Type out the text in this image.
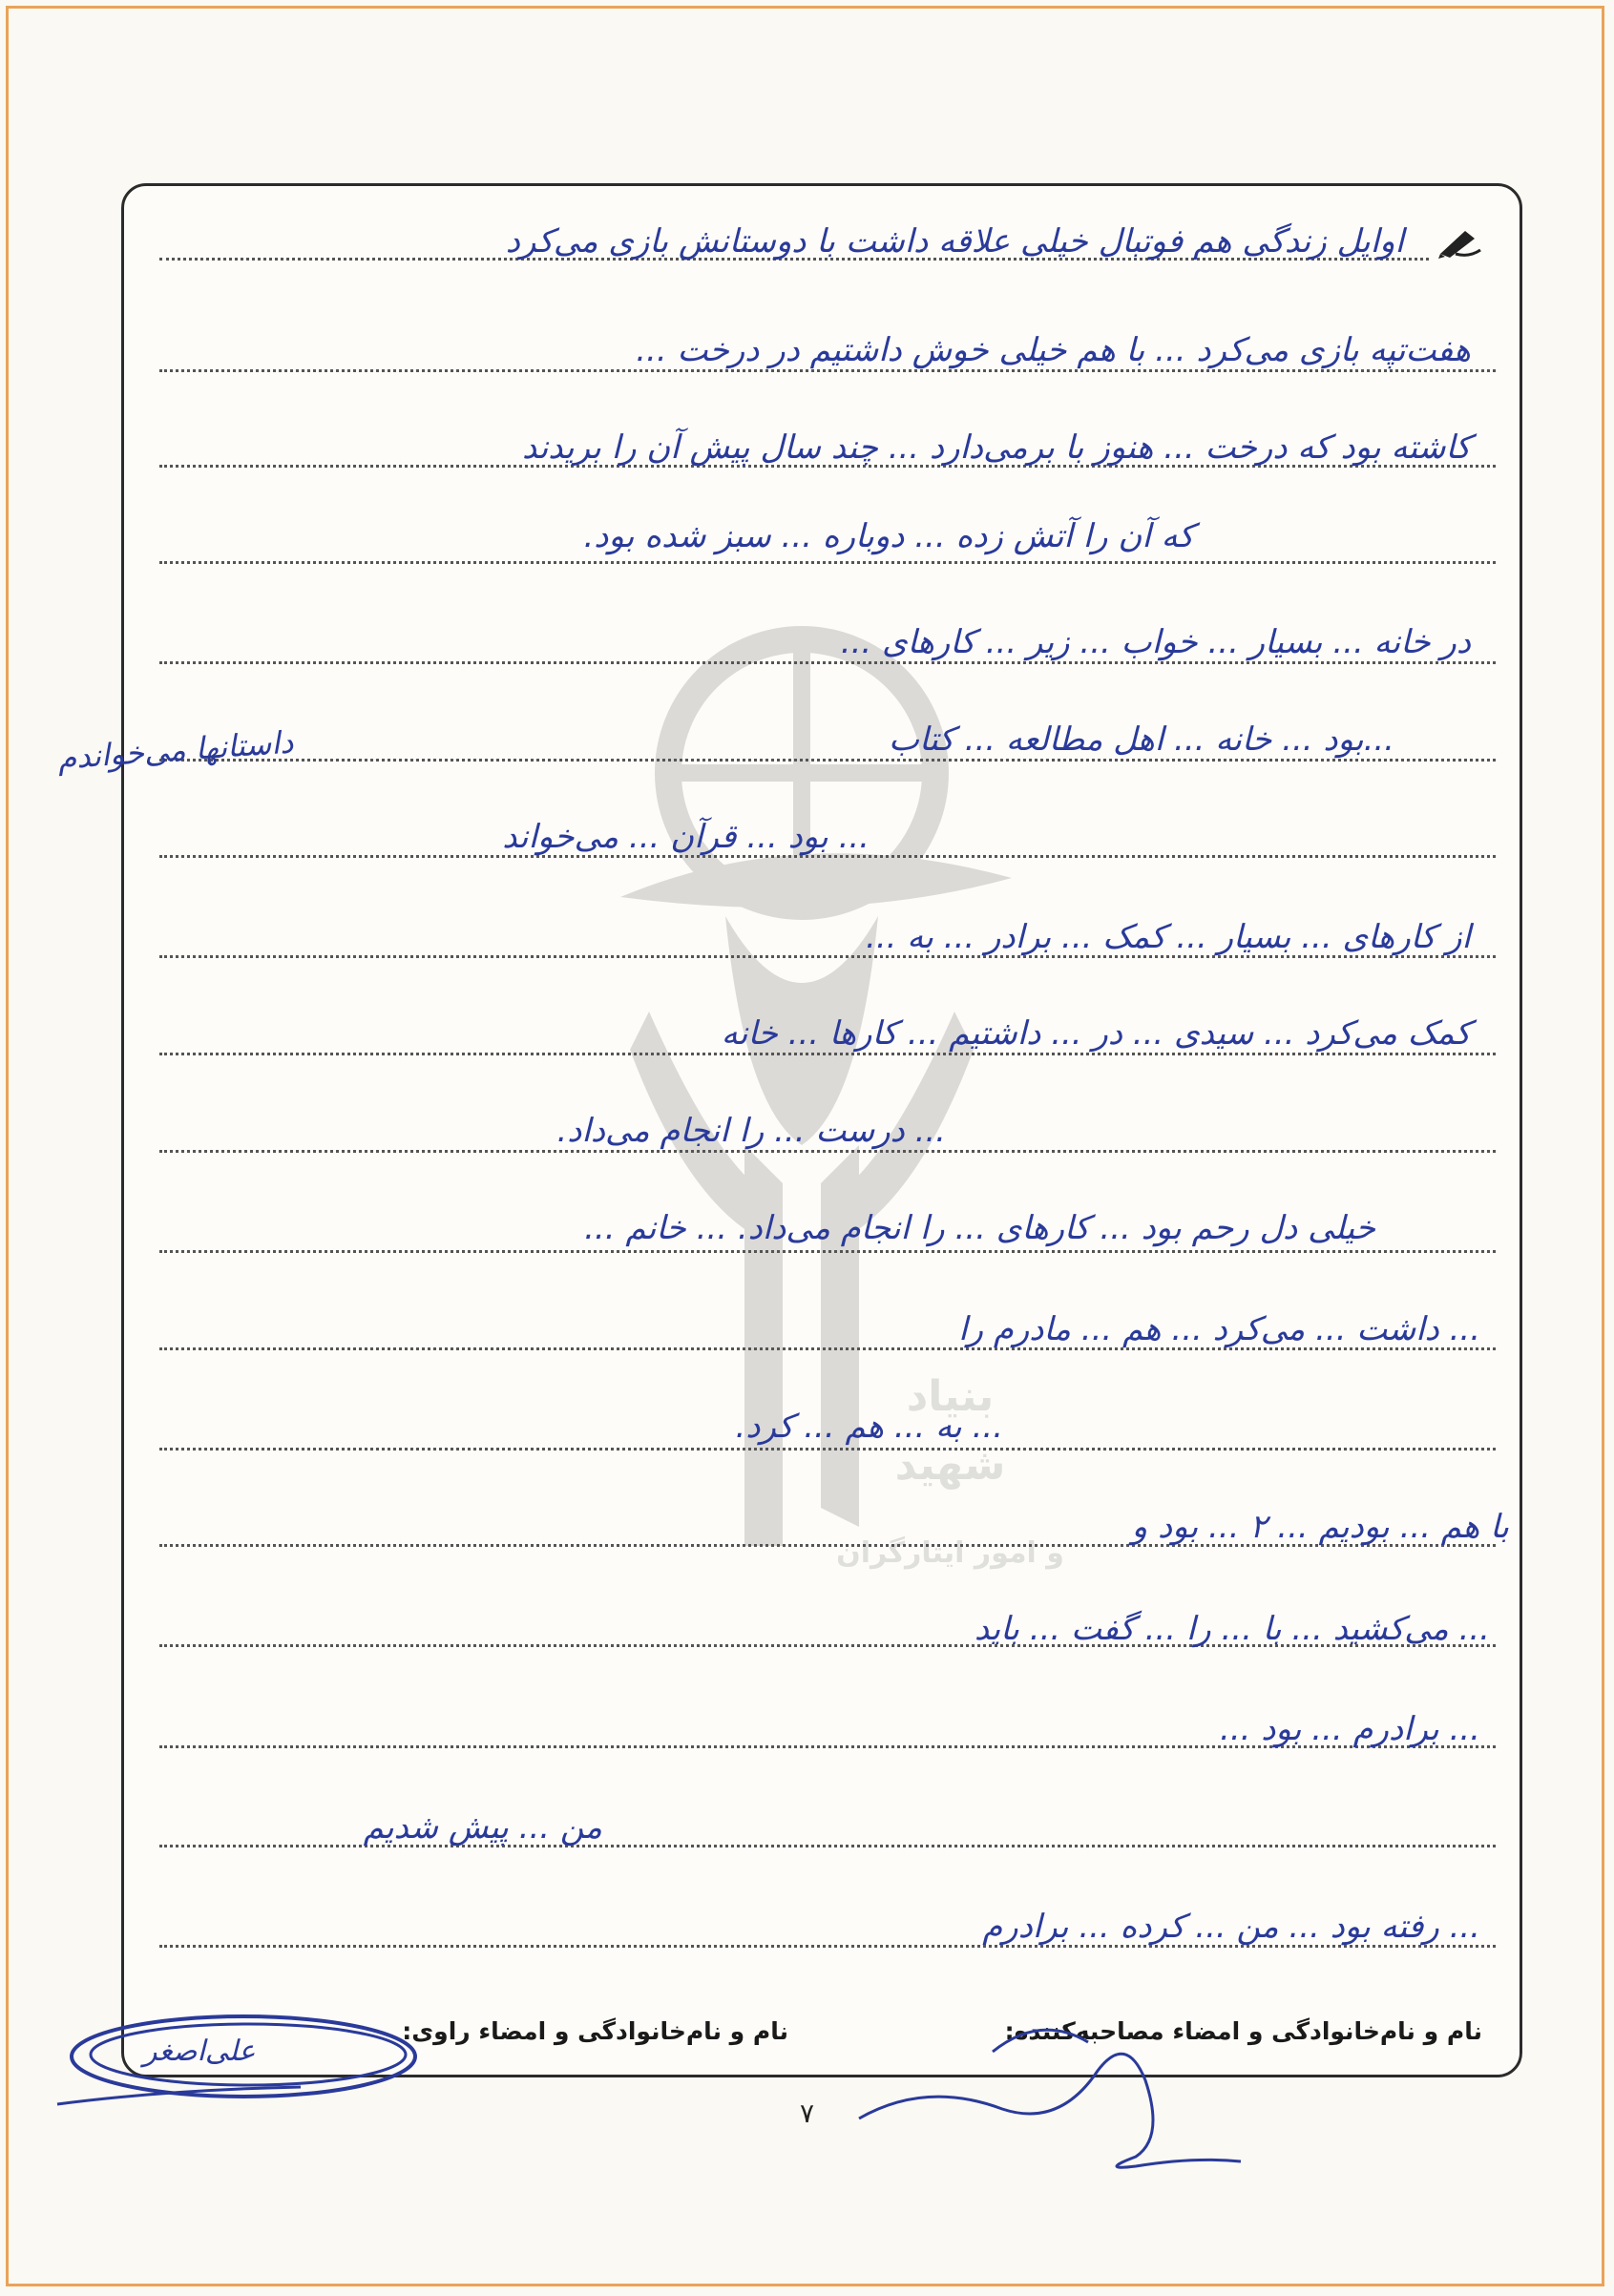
بنیاد
شهید
و امور ایثارگران
اوایل زندگی هم فوتبال خیلی علاقه داشت با دوستانش بازی می‌کرد
هفت‌تپه بازی می‌کرد ... با هم خیلی خوش داشتیم در درخت ...
کاشته بود که درخت ... هنوز با برمی‌دارد ... چند سال پیش آن را بریدند
که آن را آتش زده ... دوباره ... سبز شده بود.
در خانه ... بسیار ... خواب ... زیر ... کارهای ...
...بود ... خانه ... اهل مطالعه ... کتاب
... بود ... قرآن ... می‌خواند
از کارهای ... بسیار ... کمک ... برادر ... به ...
کمک می‌کرد ... سیدی ... در ... داشتیم ... کارها ... خانه
... درست ... را انجام می‌داد.
خیلی دل رحم بود ... کارهای ... را انجام می‌داد. ... خانم ...
... داشت ... می‌کرد ... هم ... مادرم را
... به ... هم ... کرد.
با هم ... بودیم ... ۲ ... بود و
... می‌کشید ... با ... را ... گفت ... باید
... برادرم ... بود ...
من ... پیش شدیم
... رفته بود ... من ... کرده ... برادرم
داستانها می‌خواندم
نام و نام‌خانوادگی و امضاء مصاحبه‌کننده:
نام و نام‌خانوادگی و امضاء راوی:
علی‌اصغر
۷
